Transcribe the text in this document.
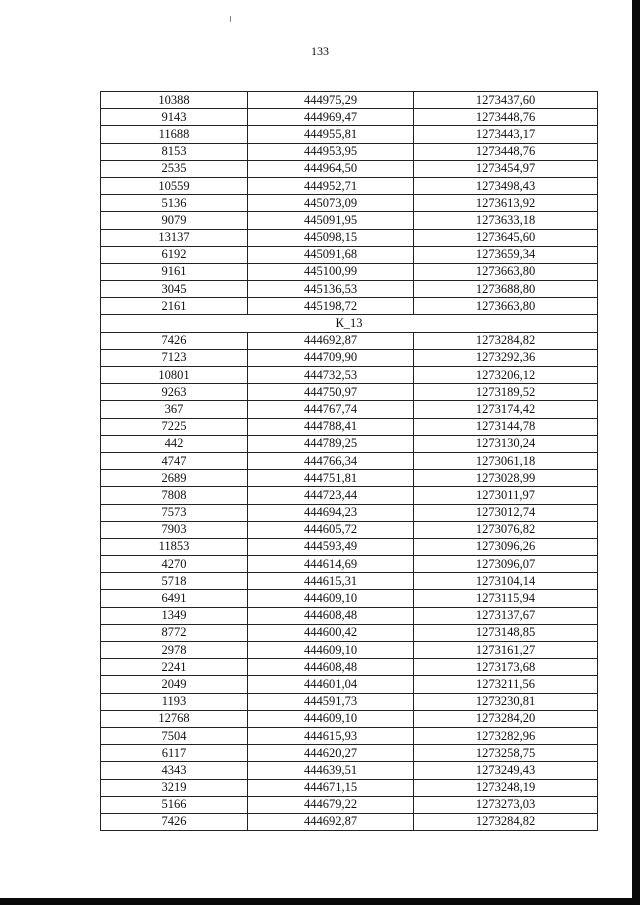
133
10388	444975,29	1273437,60
9143	444969,47	1273448,76
11688	444955,81	1273443,17
8153	444953,95	1273448,76
2535	444964,50	1273454,97
10559	444952,71	1273498,43
5136	445073,09	1273613,92
9079	445091,95	1273633,18
13137	445098,15	1273645,60
6192	445091,68	1273659,34
9161	445100,99	1273663,80
3045	445136,53	1273688,80
2161	445198,72	1273663,80
К_13		
7426	444692,87	1273284,82
7123	444709,90	1273292,36
10801	444732,53	1273206,12
9263	444750,97	1273189,52
367	444767,74	1273174,42
7225	444788,41	1273144,78
442	444789,25	1273130,24
4747	444766,34	1273061,18
2689	444751,81	1273028,99
7808	444723,44	1273011,97
7573	444694,23	1273012,74
7903	444605,72	1273076,82
11853	444593,49	1273096,26
4270	444614,69	1273096,07
5718	444615,31	1273104,14
6491	444609,10	1273115,94
1349	444608,48	1273137,67
8772	444600,42	1273148,85
2978	444609,10	1273161,27
2241	444608,48	1273173,68
2049	444601,04	1273211,56
1193	444591,73	1273230,81
12768	444609,10	1273284,20
7504	444615,93	1273282,96
6117	444620,27	1273258,75
4343	444639,51	1273249,43
3219	444671,15	1273248,19
5166	444679,22	1273273,03
7426	444692,87	1273284,82
